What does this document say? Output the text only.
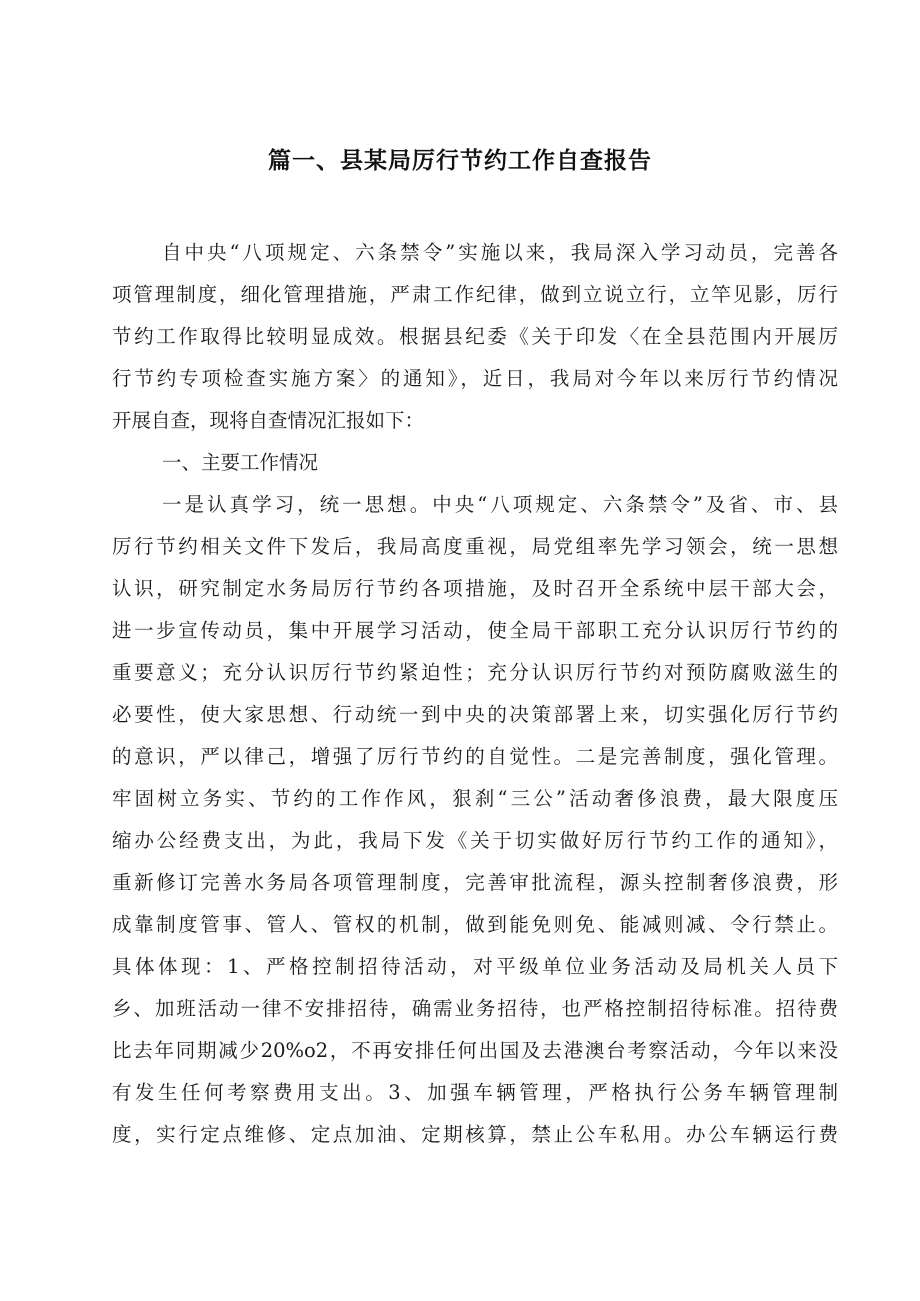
篇一、县某局厉行节约工作自查报告
自中央“八项规定、六条禁令”实施以来，我局深入学习动员，完善各
项管理制度，细化管理措施，严肃工作纪律，做到立说立行，立竿见影，厉行
节约工作取得比较明显成效。根据县纪委《关于印发〈在全县范围内开展厉
行节约专项检查实施方案〉的通知》，近日，我局对今年以来厉行节约情况
开展自查，现将自查情况汇报如下：
一、主要工作情况
一是认真学习，统一思想。中央“八项规定、六条禁令”及省、市、县
厉行节约相关文件下发后，我局高度重视，局党组率先学习领会，统一思想
认识，研究制定水务局厉行节约各项措施，及时召开全系统中层干部大会，
进一步宣传动员，集中开展学习活动，使全局干部职工充分认识厉行节约的
重要意义；充分认识厉行节约紧迫性；充分认识厉行节约对预防腐败滋生的
必要性，使大家思想、行动统一到中央的决策部署上来，切实强化厉行节约
的意识，严以律己，增强了厉行节约的自觉性。二是完善制度，强化管理。
牢固树立务实、节约的工作作风，狠刹“三公”活动奢侈浪费，最大限度压
缩办公经费支出，为此，我局下发《关于切实做好厉行节约工作的通知》，
重新修订完善水务局各项管理制度，完善审批流程，源头控制奢侈浪费，形
成靠制度管事、管人、管权的机制，做到能免则免、能减则减、令行禁止。
具体体现：1、严格控制招待活动，对平级单位业务活动及局机关人员下
乡、加班活动一律不安排招待，确需业务招待，也严格控制招待标准。招待费
比去年同期减少20%o2，不再安排任何出国及去港澳台考察活动，今年以来没
有发生任何考察费用支出。3、加强车辆管理，严格执行公务车辆管理制
度，实行定点维修、定点加油、定期核算，禁止公车私用。办公车辆运行费
